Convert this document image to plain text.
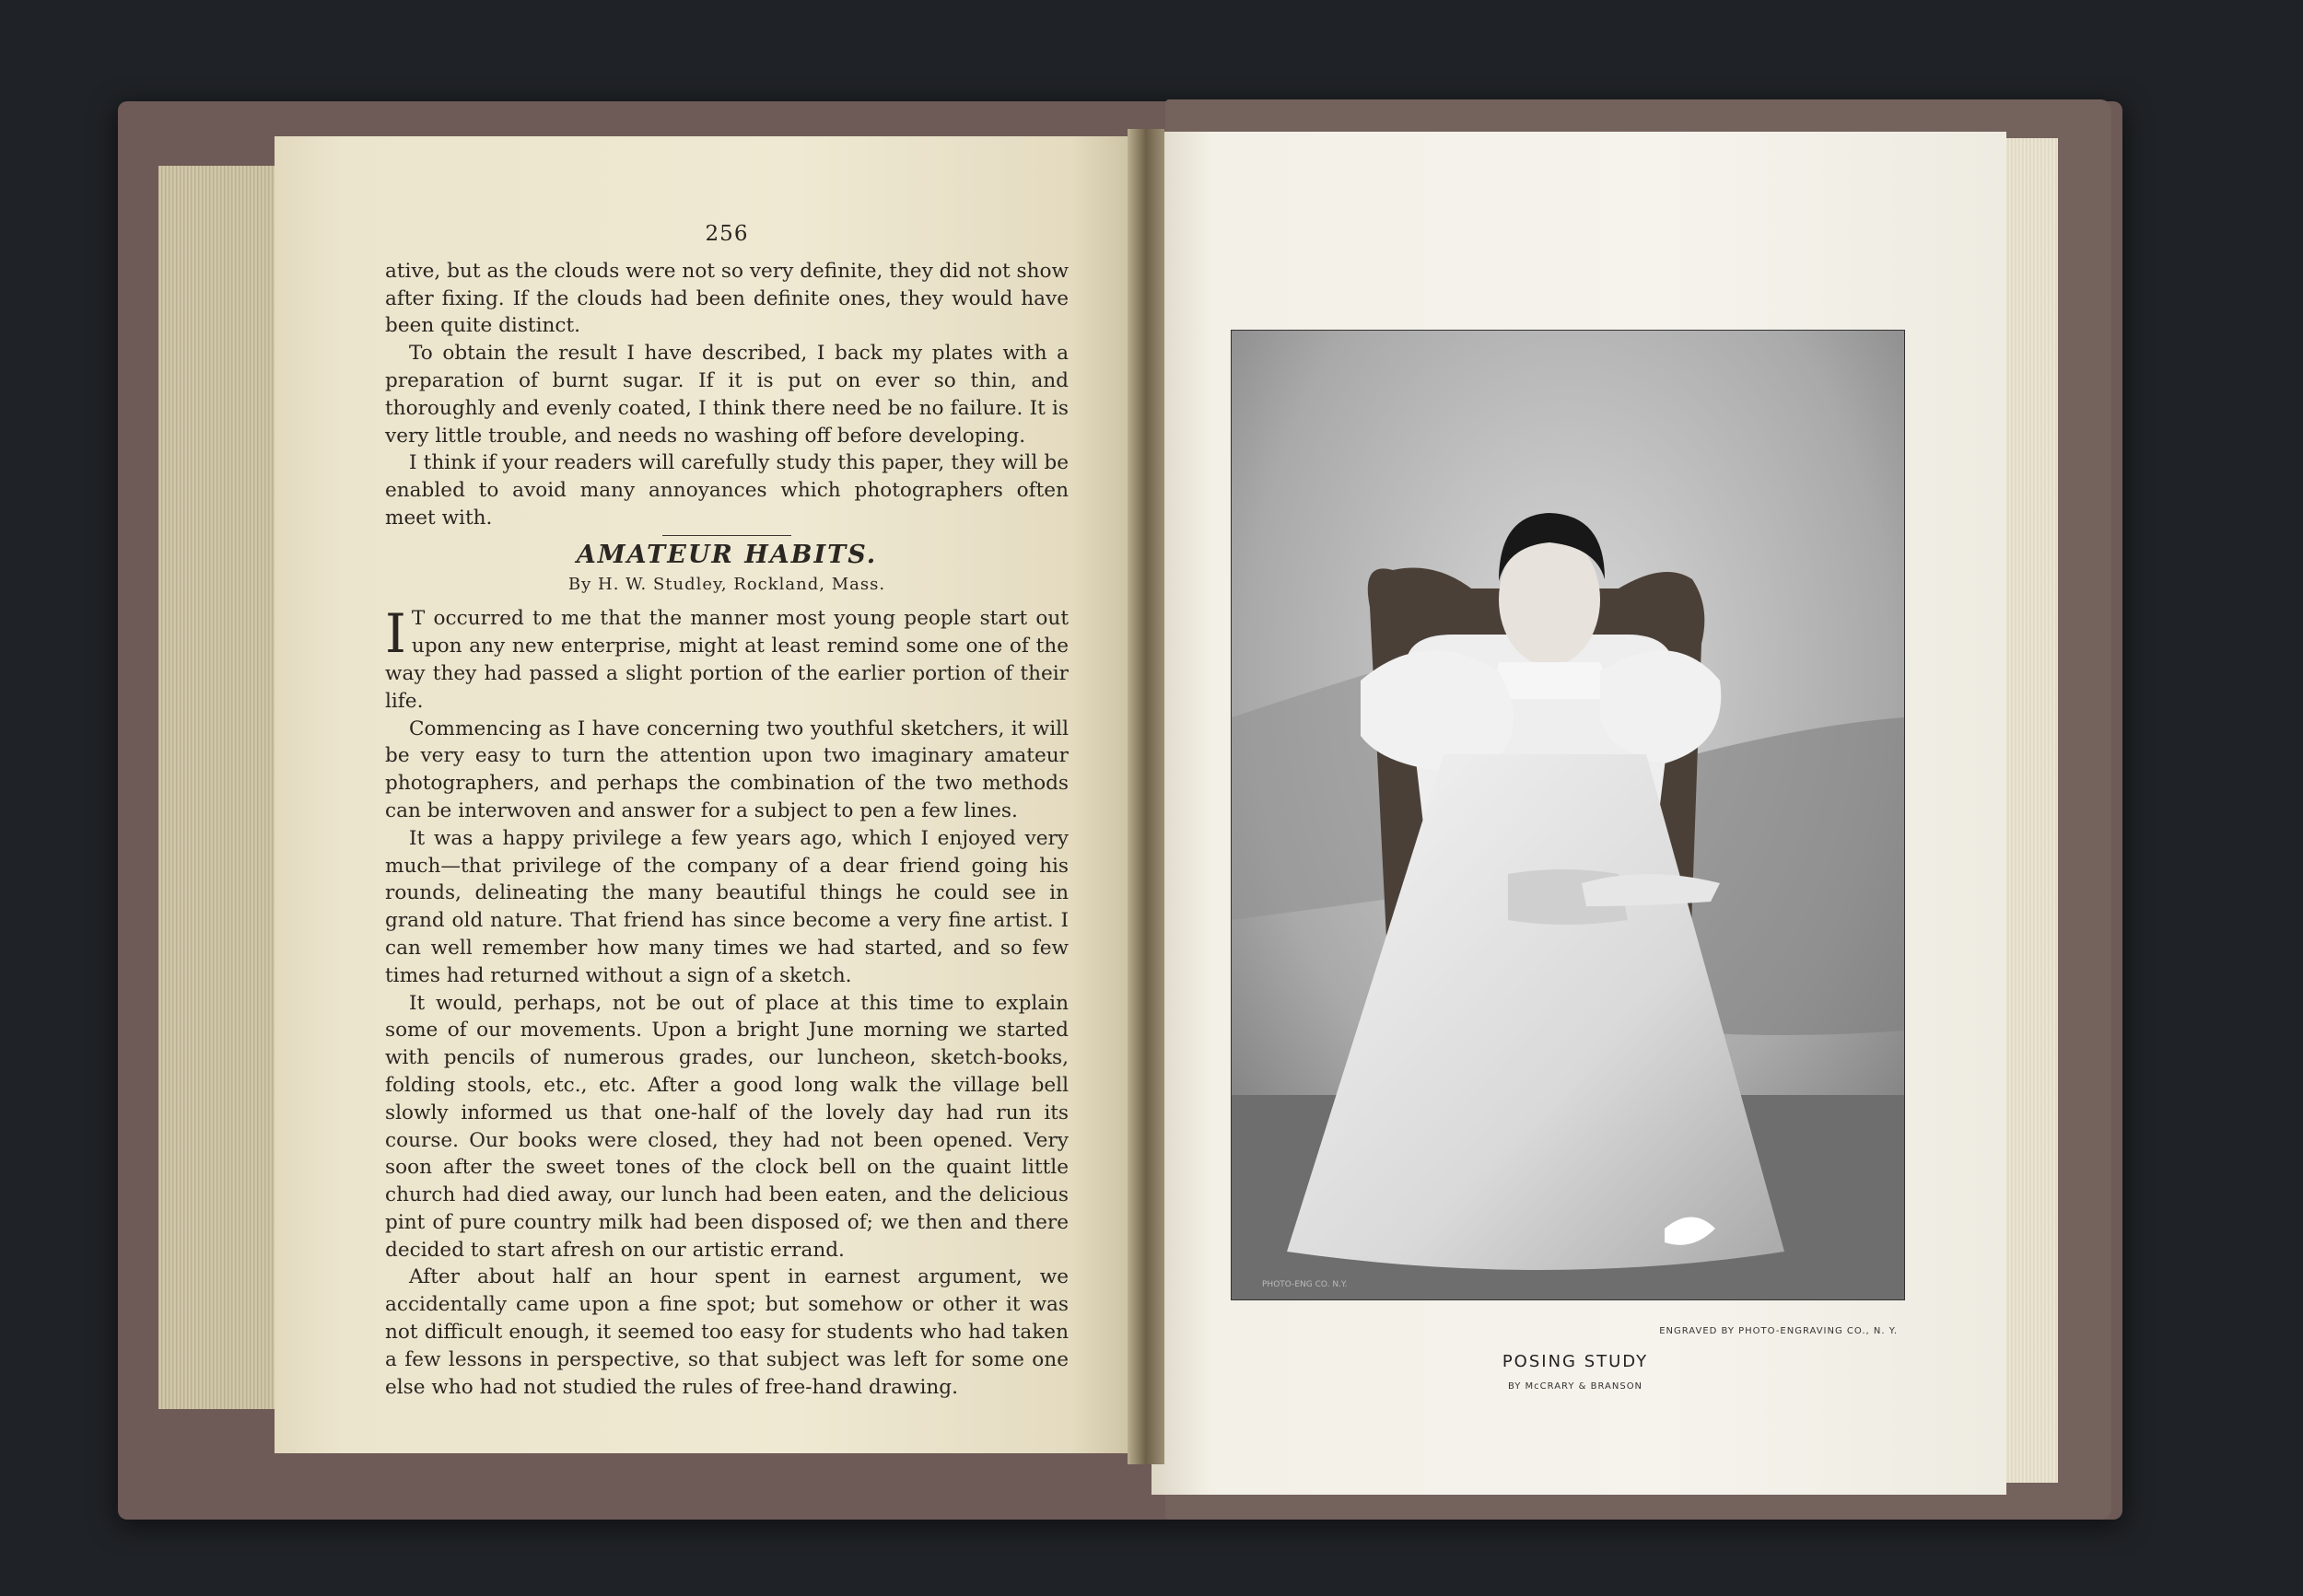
256

ative, but as the clouds were not so very definite, they did not show after fixing. If the clouds had been definite ones, they would have been quite distinct.

To obtain the result I have described, I back my plates with a preparation of burnt sugar. If it is put on ever so thin, and thoroughly and evenly coated, I think there need be no failure. It is very little trouble, and needs no washing off before developing.

I think if your readers will carefully study this paper, they will be enabled to avoid many annoyances which photographers often meet with.

AMATEUR HABITS.
By H. W. Studley, Rockland, Mass.

I T occurred to me that the manner most young people start out upon any new enterprise, might at least remind some one of the way they had passed a slight portion of the earlier portion of their life.

Commencing as I have concerning two youthful sketchers, it will be very easy to turn the attention upon two imaginary amateur photographers, and perhaps the combination of the two methods can be interwoven and answer for a subject to pen a few lines.

It was a happy privilege a few years ago, which I enjoyed very much—that privilege of the company of a dear friend going his rounds, delineating the many beautiful things he could see in grand old nature. That friend has since become a very fine artist. I can well remember how many times we had started, and so few times had returned without a sign of a sketch.

It would, perhaps, not be out of place at this time to explain some of our movements. Upon a bright June morning we started with pencils of numerous grades, our luncheon, sketch-books, folding stools, etc., etc. After a good long walk the village bell slowly informed us that one-half of the lovely day had run its course. Our books were closed, they had not been opened. Very soon after the sweet tones of the clock bell on the quaint little church had died away, our lunch had been eaten, and the delicious pint of pure country milk had been disposed of; we then and there decided to start afresh on our artistic errand.

After about half an hour spent in earnest argument, we accidentally came upon a fine spot; but somehow or other it was not difficult enough, it seemed too easy for students who had taken a few lessons in perspective, so that subject was left for some one else who had not studied the rules of free-hand drawing.

PHOTO-ENG CO. N.Y.
ENGRAVED BY PHOTO-ENGRAVING CO., N. Y.
POSING STUDY
BY McCRARY & BRANSON
